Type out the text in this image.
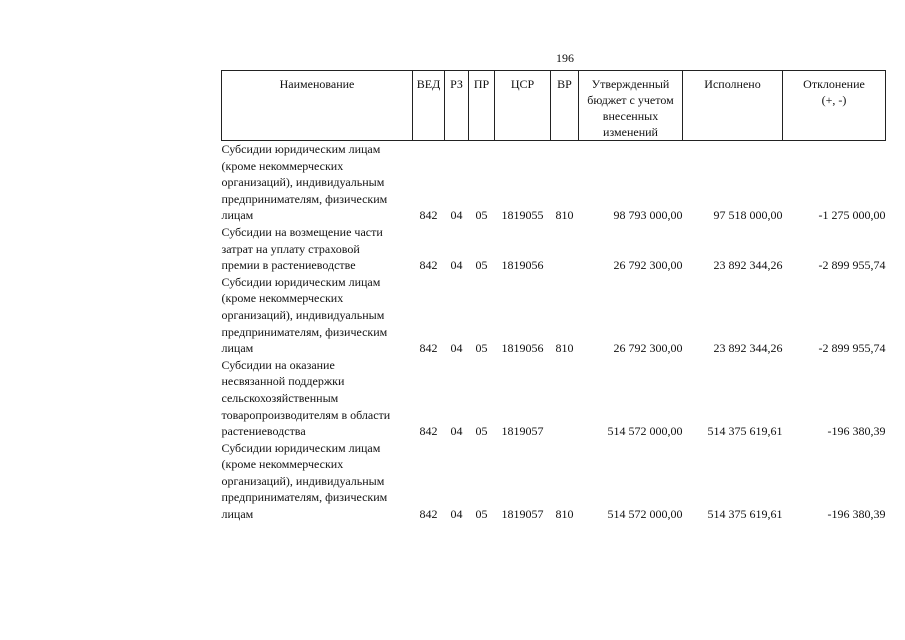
196
Наименование	ВЕД	РЗ	ПР	ЦСР	ВР	Утвержденный бюджет с учетом внесенных изменений	Исполнено	Отклонение (+, -)

Субсидии юридическим лицам
(кроме некоммерческих
организаций), индивидуальным
предпринимателям, физическим
лицам	842	04	05	1819055	810	98 793 000,00	97 518 000,00	-1 275 000,00

Субсидии на возмещение части
затрат на уплату страховой
премии в растениеводстве	842	04	05	1819056		26 792 300,00	23 892 344,26	-2 899 955,74

Субсидии юридическим лицам
(кроме некоммерческих
организаций), индивидуальным
предпринимателям, физическим
лицам	842	04	05	1819056	810	26 792 300,00	23 892 344,26	-2 899 955,74

Субсидии на оказание
несвязанной поддержки
сельскохозяйственным
товаропроизводителям в области
растениеводства	842	04	05	1819057		514 572 000,00	514 375 619,61	-196 380,39

Субсидии юридическим лицам
(кроме некоммерческих
организаций), индивидуальным
предпринимателям, физическим
лицам	842	04	05	1819057	810	514 572 000,00	514 375 619,61	-196 380,39
